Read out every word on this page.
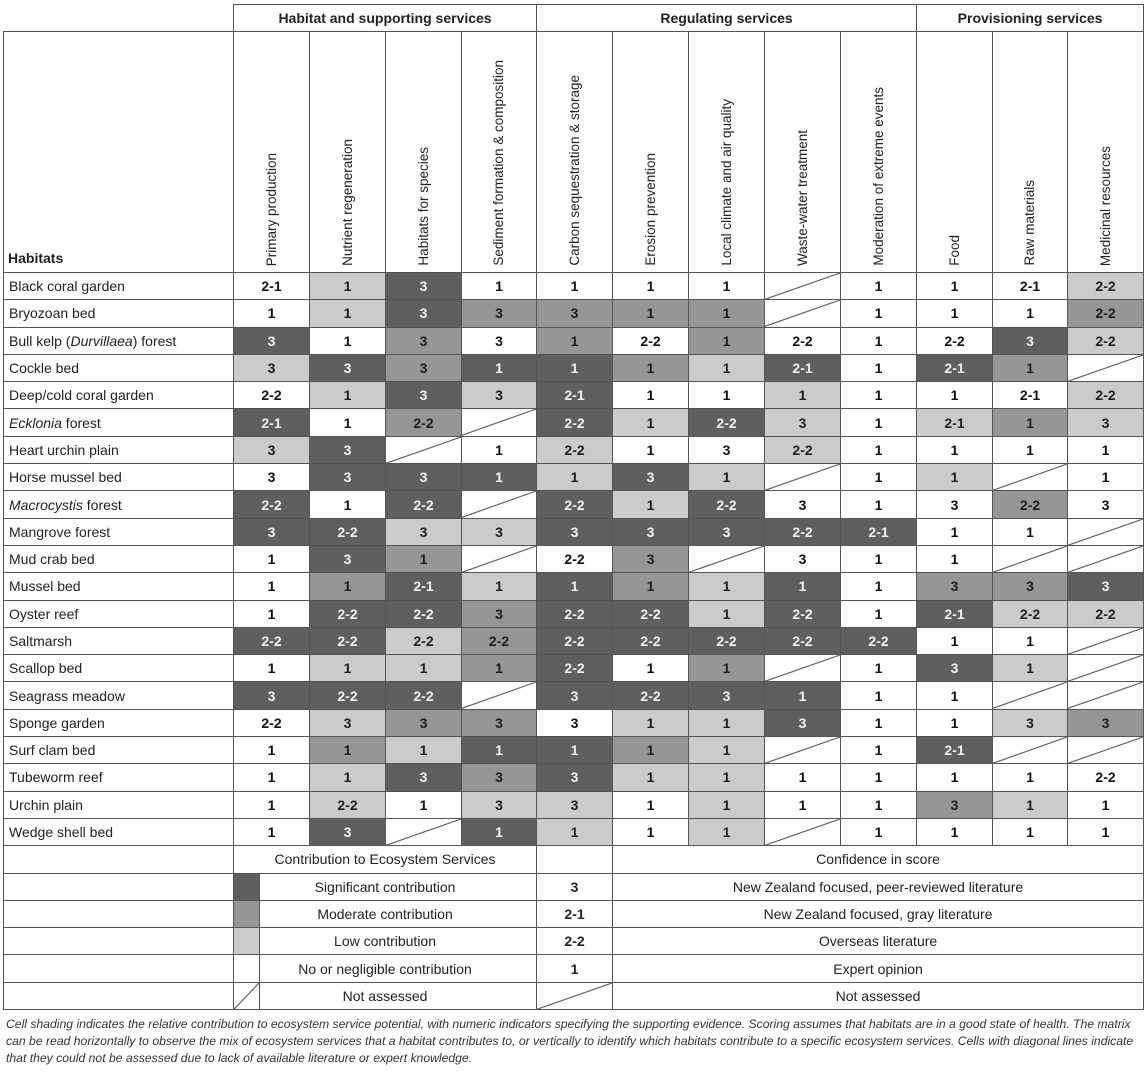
	Habitat and supporting services				Regulating services					Provisioning services		
Habitats	Primary production	Nutrient regeneration	Habitats for species	Sediment formation & composition	Carbon sequestration & storage	Erosion prevention	Local climate and air quality	Waste-water treatment	Moderation of extreme events	Food	Raw materials	Medicinal resources

Black coral garden	2-1	1	3	1	1	1	1		1	1	2-1	2-2
Bryozoan bed	1	1	3	3	3	1	1		1	1	1	2-2
Bull kelp (Durvillaea) forest	3	1	3	3	1	2-2	1	2-2	1	2-2	3	2-2
Cockle bed	3	3	3	1	1	1	1	2-1	1	2-1	1	

Deep/cold coral garden	2-2	1	3	3	2-1	1	1	1	1	1	2-1	2-2
Ecklonia forest	2-1	1	2-2		2-2	1	2-2	3	1	2-1	1	3
Heart urchin plain	3	3		1	2-2	1	3	2-2	1	1	1	1
Horse mussel bed	3	3	3	1	1	3	1		1	1		1
Macrocystis forest	2-2	1	2-2		2-2	1	2-2	3	1	3	2-2	3
Mangrove forest	3	2-2	3	3	3	3	3	2-2	2-1	1	1	

Mud crab bed	1	3	1		2-2	3		3	1	1	

Mussel bed	1	1	2-1	1	1	1	1	1	1	3	3	3
Oyster reef	1	2-2	2-2	3	2-2	2-2	1	2-2	1	2-1	2-2	2-2
Saltmarsh	2-2	2-2	2-2	2-2	2-2	2-2	2-2	2-2	2-2	1	1	

Scallop bed	1	1	1	1	2-2	1	1		1	3	1	

Seagrass meadow	3	2-2	2-2		3	2-2	3	1	1	1	

Sponge garden	2-2	3	3	3	3	1	1	3	1	1	3	3
Surf clam bed	1	1	1	1	1	1	1		1	2-1	

Tubeworm reef	1	1	3	3	3	1	1	1	1	1	1	2-2
Urchin plain	1	2-2	1	3	3	1	1	1	1	3	1	1
Wedge shell bed	1	3		1	1	1	1		1	1	1	1
	Contribution to Ecosystem Services					Confidence in score						

Significant contribution				3	New Zealand focused, peer-reviewed literature						

Moderate contribution				2-1	New Zealand focused, gray literature						

Low contribution				2-2	Overseas literature						

No or negligible contribution				1	Expert opinion						

Not assessed					Not assessed						
Cell shading indicates the relative contribution to ecosystem service potential, with numeric indicators specifying the supporting evidence. Scoring assumes that habitats are in a good state of health. The matrix can be read horizontally to observe the mix of ecosystem services that a habitat contributes to, or vertically to identify which habitats contribute to a specific ecosystem services. Cells with diagonal lines indicate that they could not be assessed due to lack of available literature or expert knowledge.
